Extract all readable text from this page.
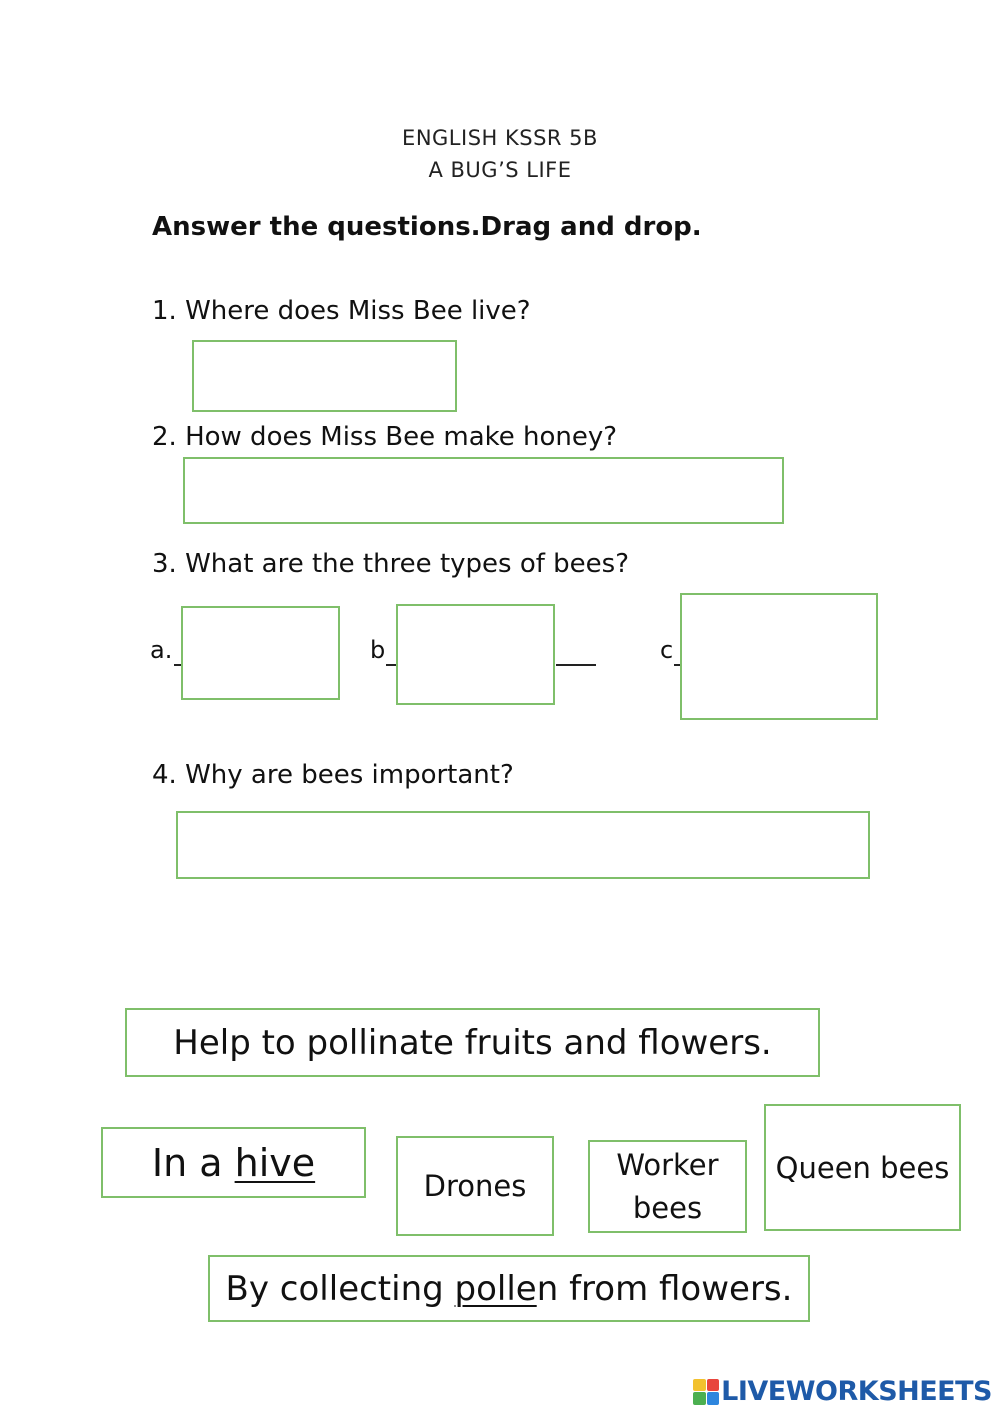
ENGLISH KSSR 5B
A BUG’S LIFE
Answer the questions.Drag and drop.
1. Where does Miss Bee live?
2. How does Miss Bee make honey?
3. What are the three types of bees?
a.	b	c
4. Why are bees important?
Help to pollinate fruits and flowers.
In a hive
Drones
Worker
bees
Queen bees
By collecting pollen from flowers.
LIVEWORKSHEETS
